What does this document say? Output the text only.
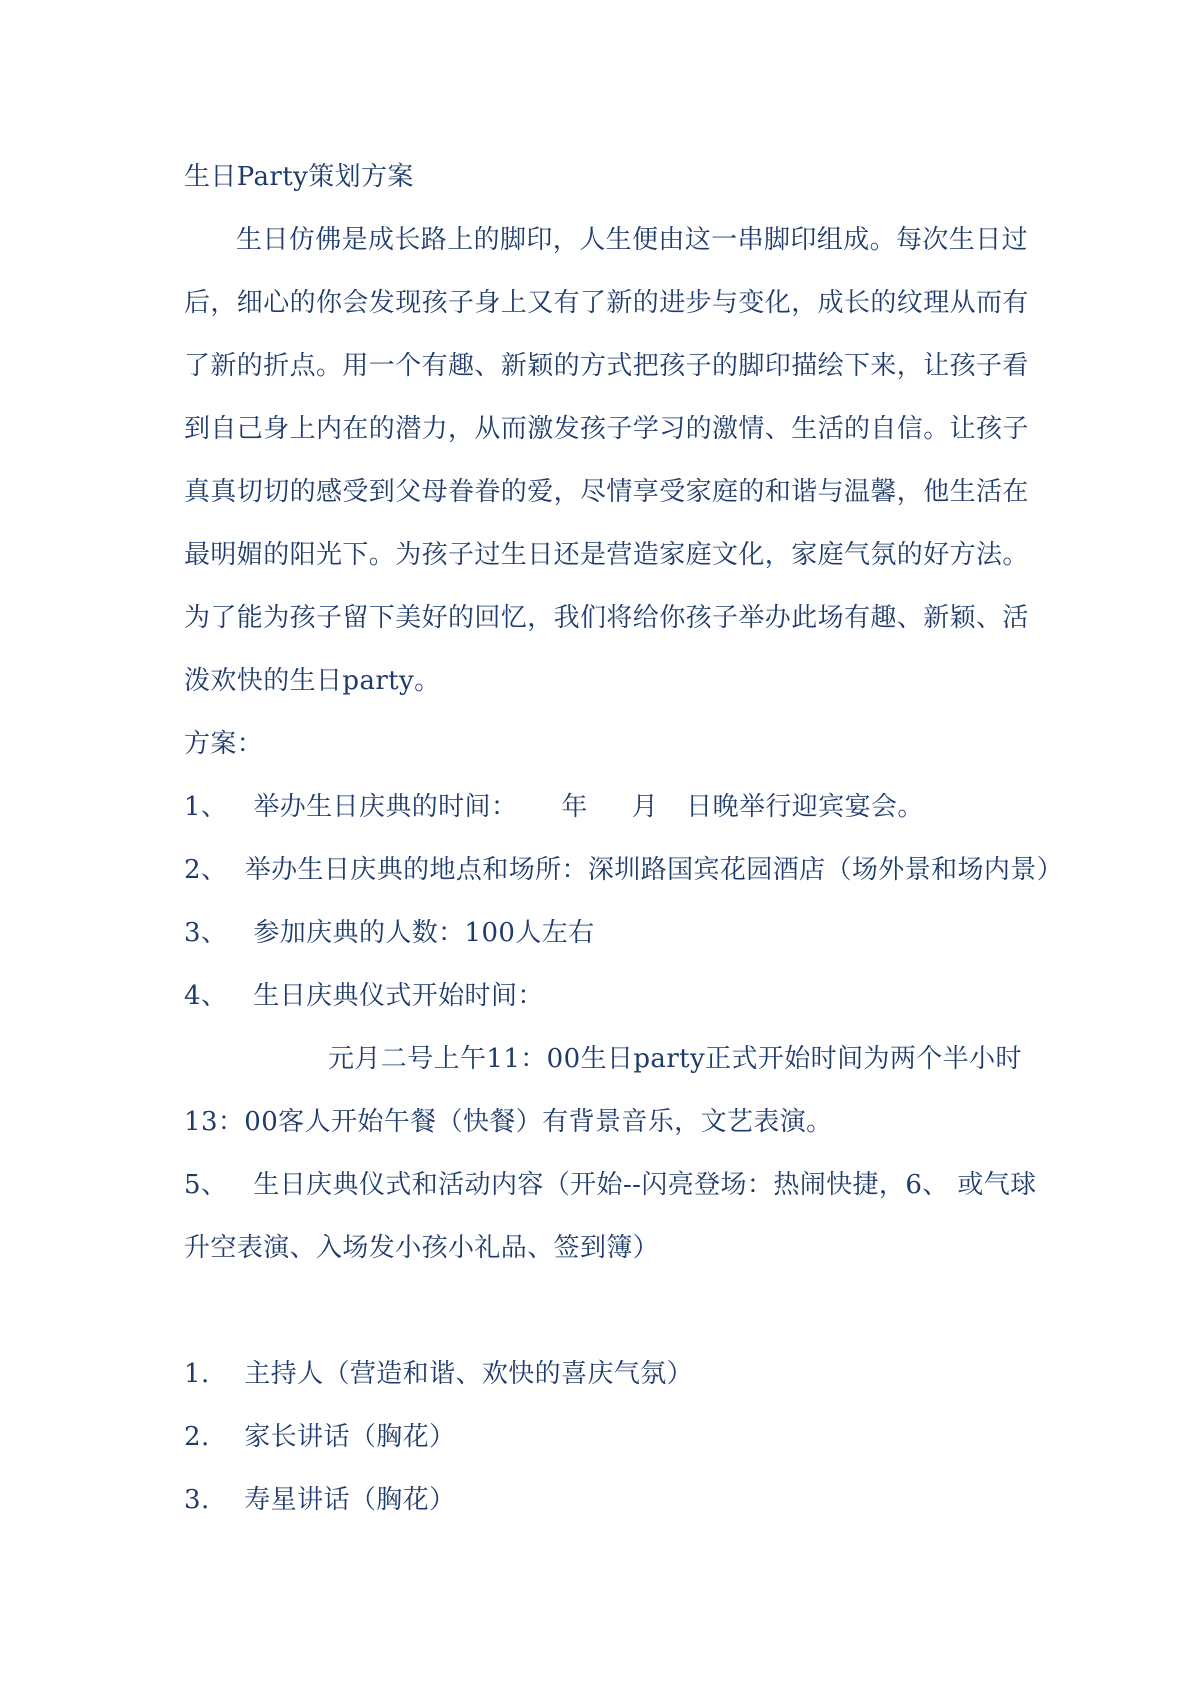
生日Party策划方案
生日仿佛是成长路上的脚印，人生便由这一串脚印组成。每次生日过
后，细心的你会发现孩子身上又有了新的进步与变化，成长的纹理从而有
了新的折点。用一个有趣、新颖的方式把孩子的脚印描绘下来，让孩子看
到自己身上内在的潜力，从而激发孩子学习的激情、生活的自信。让孩子
真真切切的感受到父母眷眷的爱，尽情享受家庭的和谐与温馨，他生活在
最明媚的阳光下。为孩子过生日还是营造家庭文化，家庭气氛的好方法。
为了能为孩子留下美好的回忆，我们将给你孩子举办此场有趣、新颖、活
泼欢快的生日party。
方案：
1、 举办生日庆典的时间： 年 月 日晚举行迎宾宴会。
2、 举办生日庆典的地点和场所：深圳路国宾花园酒店（场外景和场内景）
3、 参加庆典的人数：100人左右
4、 生日庆典仪式开始时间：
元月二号上午11：00生日party正式开始时间为两个半小时
13：00客人开始午餐（快餐）有背景音乐，文艺表演。
5、 生日庆典仪式和活动内容（开始--闪亮登场：热闹快捷，6、 或气球
升空表演、入场发小孩小礼品、签到簿）
1. 主持人（营造和谐、欢快的喜庆气氛）
2. 家长讲话（胸花）
3. 寿星讲话（胸花）
